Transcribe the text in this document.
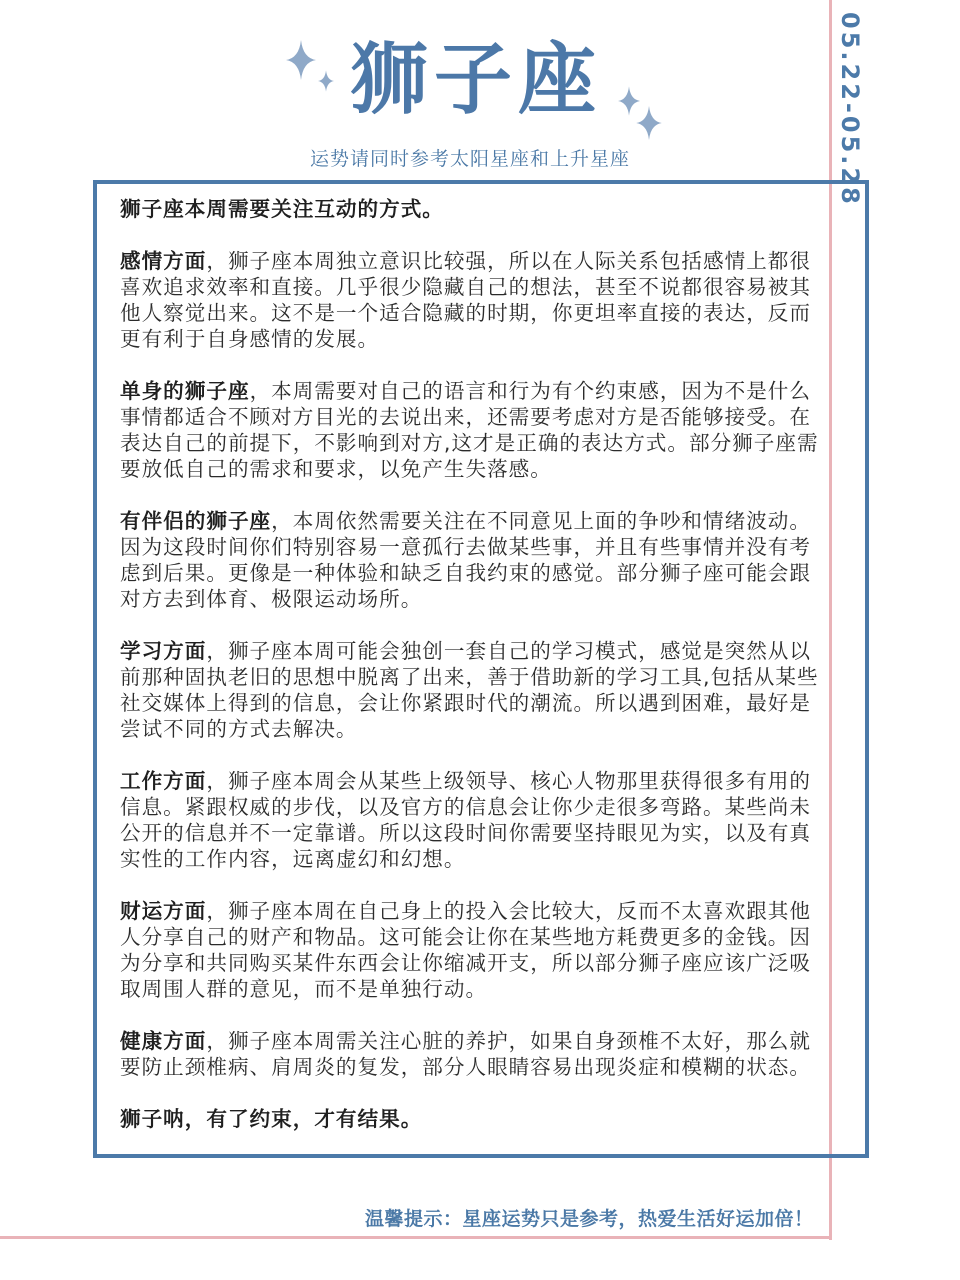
05.22-05.28
狮子座
运势请同时参考太阳星座和上升星座

狮子座本周需要关注互动的方式。

感情方面，狮子座本周独立意识比较强，所以在人际关系包括感情上都很喜欢追求效率和直接。几乎很少隐藏自己的想法，甚至不说都很容易被其他人察觉出来。这不是一个适合隐藏的时期，你更坦率直接的表达，反而更有利于自身感情的发展。

单身的狮子座，本周需要对自己的语言和行为有个约束感，因为不是什么事情都适合不顾对方目光的去说出来，还需要考虑对方是否能够接受。在表达自己的前提下，不影响到对方,这才是正确的表达方式。部分狮子座需要放低自己的需求和要求，以免产生失落感。

有伴侣的狮子座，本周依然需要关注在不同意见上面的争吵和情绪波动。因为这段时间你们特别容易一意孤行去做某些事，并且有些事情并没有考虑到后果。更像是一种体验和缺乏自我约束的感觉。部分狮子座可能会跟对方去到体育、极限运动场所。

学习方面，狮子座本周可能会独创一套自己的学习模式，感觉是突然从以前那种固执老旧的思想中脱离了出来，善于借助新的学习工具,包括从某些社交媒体上得到的信息，会让你紧跟时代的潮流。所以遇到困难，最好是尝试不同的方式去解决。

工作方面，狮子座本周会从某些上级领导、核心人物那里获得很多有用的信息。紧跟权威的步伐，以及官方的信息会让你少走很多弯路。某些尚未公开的信息并不一定靠谱。所以这段时间你需要坚持眼见为实，以及有真实性的工作内容，远离虚幻和幻想。

财运方面，狮子座本周在自己身上的投入会比较大，反而不太喜欢跟其他人分享自己的财产和物品。这可能会让你在某些地方耗费更多的金钱。因为分享和共同购买某件东西会让你缩减开支，所以部分狮子座应该广泛吸取周围人群的意见，而不是单独行动。

健康方面，狮子座本周需关注心脏的养护，如果自身颈椎不太好，那么就要防止颈椎病、肩周炎的复发，部分人眼睛容易出现炎症和模糊的状态。

狮子呐，有了约束，才有结果。

温馨提示：星座运势只是参考，热爱生活好运加倍！
